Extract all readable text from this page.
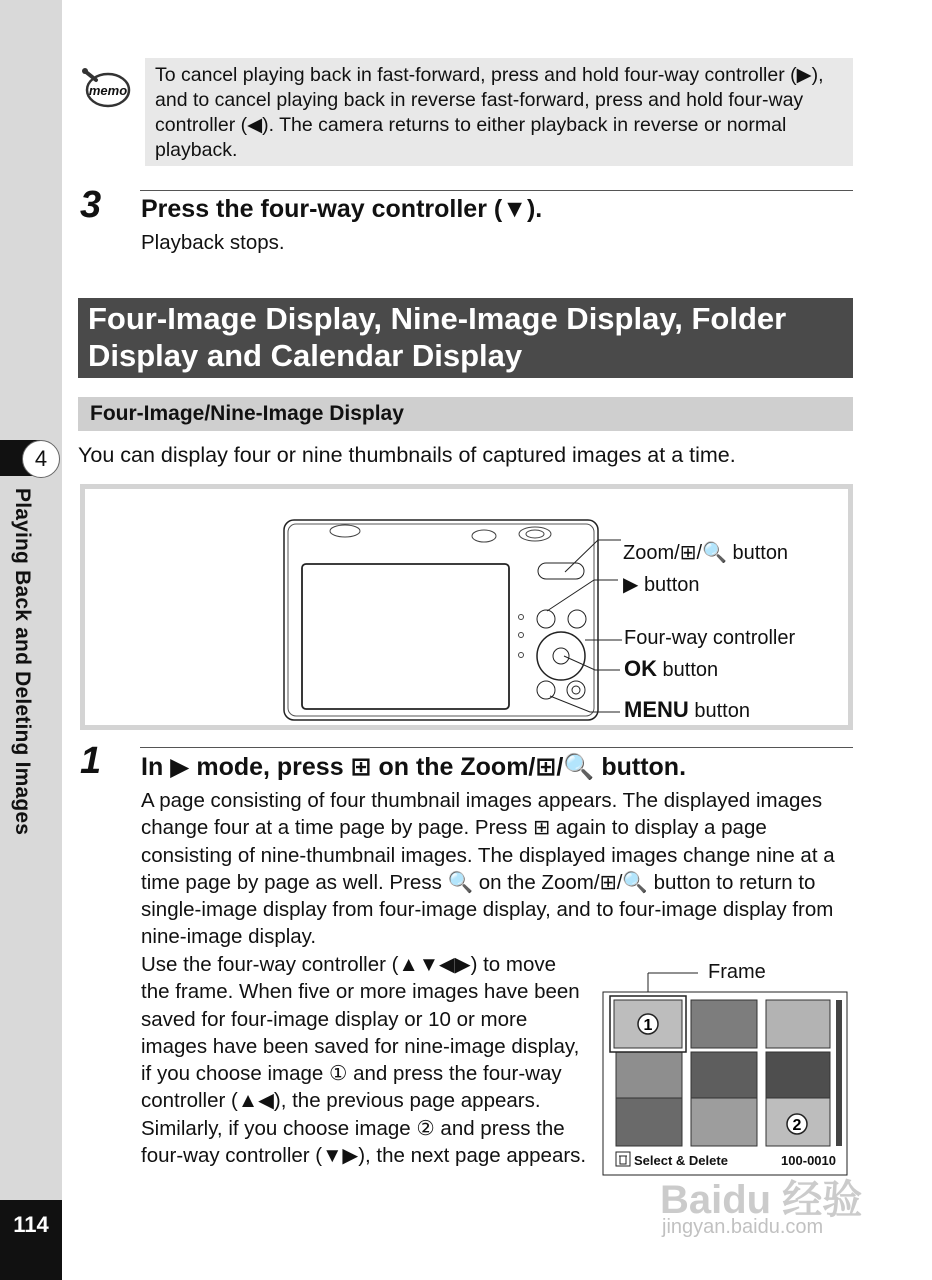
4
Playing Back and Deleting Images
114
memo
To cancel playing back in fast-forward, press and hold four-way controller (▶), and to cancel playing back in reverse fast-forward, press and hold four-way controller (◀). The camera returns to either playback in reverse or normal playback.
3 Press the four-way controller (▼).
Playback stops.
Four-Image Display, Nine-Image Display, Folder Display and Calendar Display
Four-Image/Nine-Image Display
You can display four or nine thumbnails of captured images at a time.
Zoom/⊞/🔍 button
▶ button
Four-way controller
OK button
MENU button
1 In ▶ mode, press ⊞ on the Zoom/⊞/🔍 button.
A page consisting of four thumbnail images appears. The displayed images change four at a time page by page. Press ⊞ again to display a page consisting of nine-thumbnail images. The displayed images change nine at a time page by page as well. Press 🔍 on the Zoom/⊞/🔍 button to return to single-image display from four-image display, and to four-image display from nine-image display.
Use the four-way controller (▲▼◀▶) to move the frame. When five or more images have been saved for four-image display or 10 or more images have been saved for nine-image display, if you choose image ① and press the four-way controller (▲◀), the previous page appears. Similarly, if you choose image ② and press the four-way controller (▼▶), the next page appears.
Frame
1
2
Select & Delete	100-0010
Baidu 经验
jingyan.baidu.com
